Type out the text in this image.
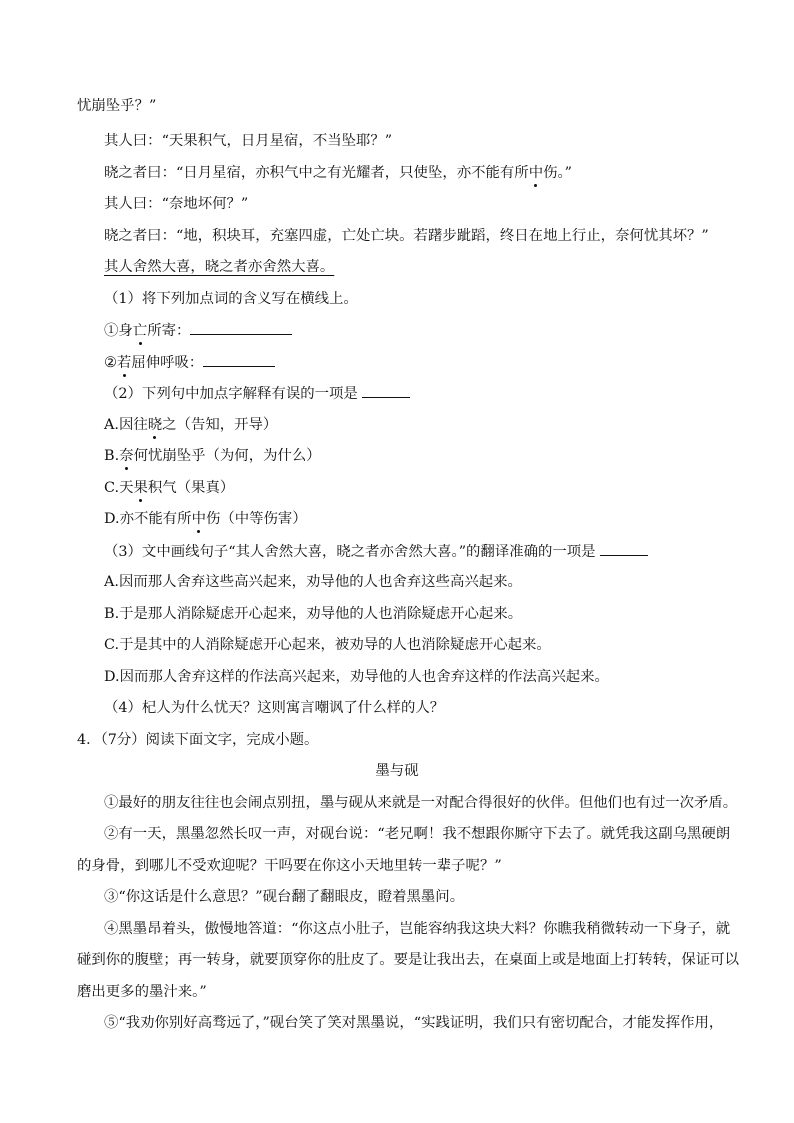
忧崩坠乎？”
其人曰：“天果积气，日月星宿，不当坠耶？”
晓之者曰：“日月星宿，亦积气中之有光耀者，只使坠，亦不能有所中伤。”
其人曰：“奈地坏何？”
晓之者曰：“地，积块耳，充塞四虚，亡处亡块。若躇步跐蹈，终日在地上行止，奈何忧其坏？”
其人舍然大喜，晓之者亦舍然大喜。
（1）将下列加点词的含义写在横线上。
①身亡所寄：
②若屈伸呼吸：
（2）下列句中加点字解释有误的一项是
A.因往晓之（告知，开导）
B.奈何忧崩坠乎（为何，为什么）
C.天果积气（果真）
D.亦不能有所中伤（中等伤害）
（3）文中画线句子“其人舍然大喜，晓之者亦舍然大喜。”的翻译准确的一项是
A.因而那人舍弃这些高兴起来，劝导他的人也舍弃这些高兴起来。
B.于是那人消除疑虑开心起来，劝导他的人也消除疑虑开心起来。
C.于是其中的人消除疑虑开心起来，被劝导的人也消除疑虑开心起来。
D.因而那人舍弃这样的作法高兴起来，劝导他的人也舍弃这样的作法高兴起来。
（4）杞人为什么忧天？这则寓言嘲讽了什么样的人？
4．（7分）阅读下面文字，完成小题。
墨与砚
①最好的朋友往往也会闹点别扭，墨与砚从来就是一对配合得很好的伙伴。但他们也有过一次矛盾。
②有一天，黑墨忽然长叹一声，对砚台说：“老兄啊！我不想跟你厮守下去了。就凭我这副乌黑硬朗
的身骨，到哪儿不受欢迎呢？干吗要在你这小天地里转一辈子呢？”
③“你这话是什么意思？”砚台翻了翻眼皮，瞪着黑墨问。
④黑墨昂着头，傲慢地答道：“你这点小肚子，岂能容纳我这块大料？你瞧我稍微转动一下身子，就
碰到你的腹壁；再一转身，就要顶穿你的肚皮了。要是让我出去，在桌面上或是地面上打转转，保证可以
磨出更多的墨汁来。”
⑤“我劝你别好高骛远了，”砚台笑了笑对黑墨说，“实践证明，我们只有密切配合，才能发挥作用，
